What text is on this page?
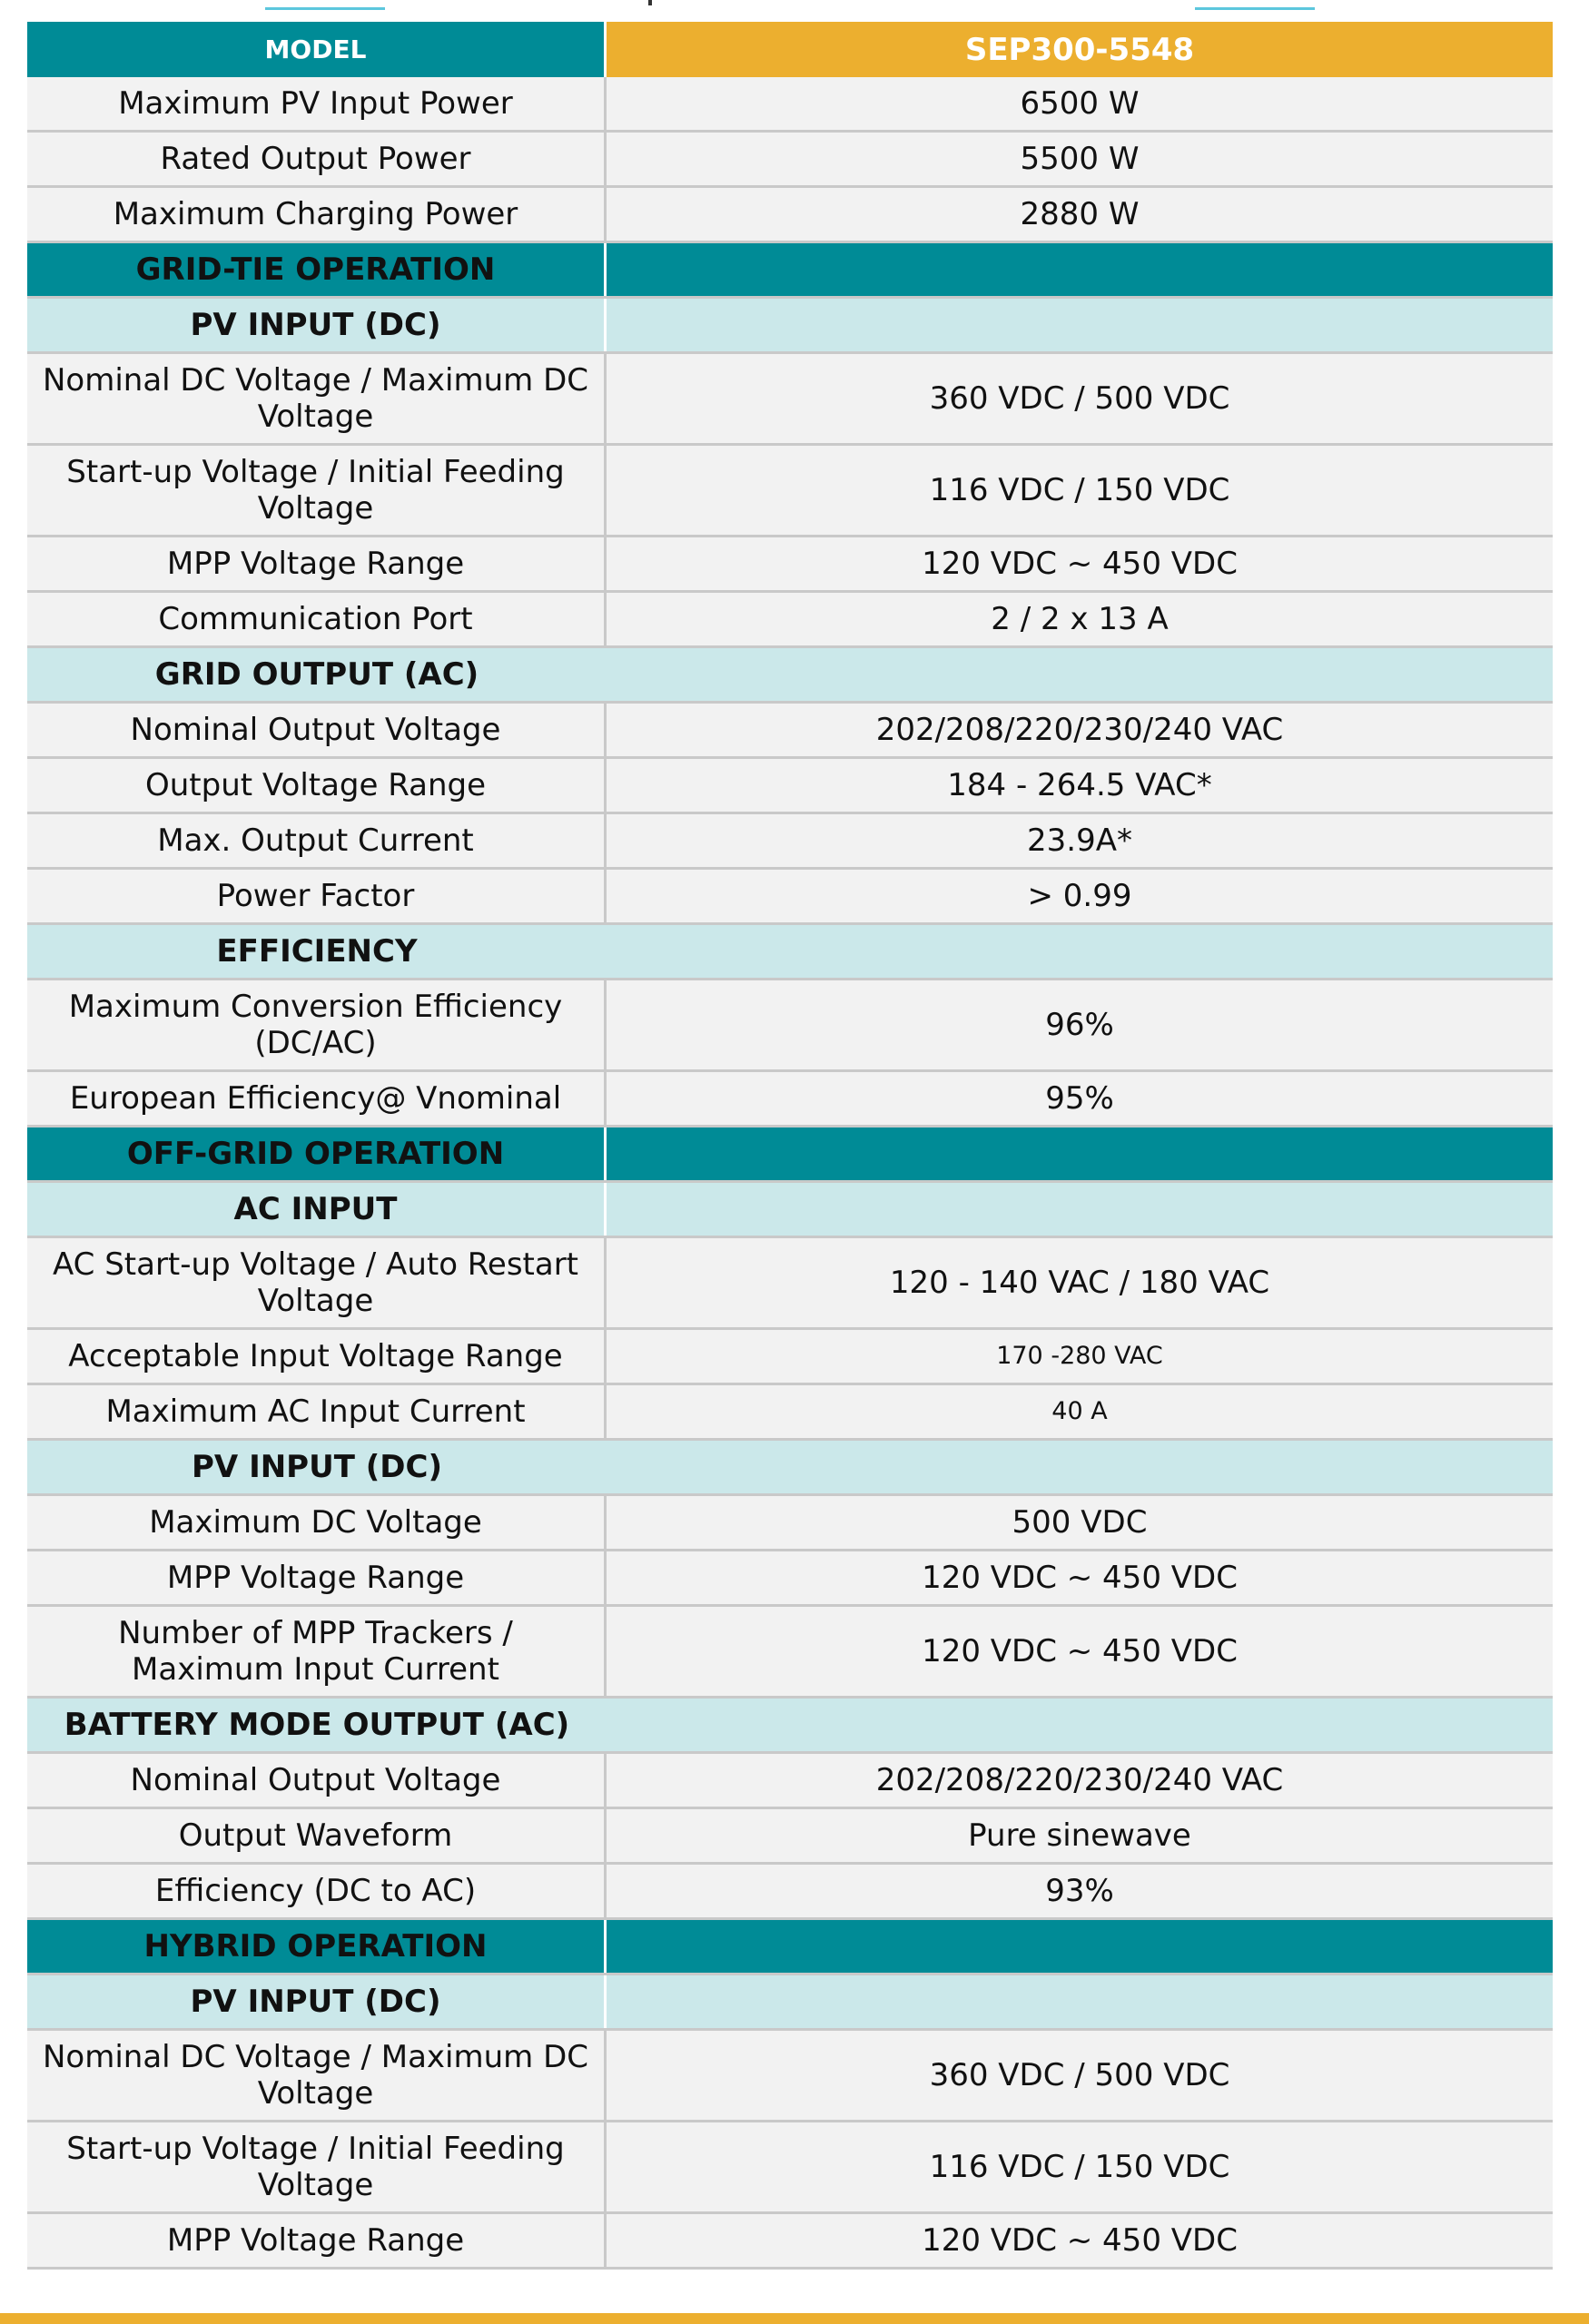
MODEL	SEP300-5548
Maximum PV Input Power	6500 W
Rated Output Power	5500 W
Maximum Charging Power	2880 W
GRID-TIE OPERATION
PV INPUT (DC)
Nominal DC Voltage / Maximum DC Voltage	360 VDC / 500 VDC
Start-up Voltage / Initial Feeding Voltage	116 VDC / 150 VDC
MPP Voltage Range	120 VDC ~ 450 VDC
Communication Port	2 / 2 x 13 A
GRID OUTPUT (AC)
Nominal Output Voltage	202/208/220/230/240 VAC
Output Voltage Range	184 - 264.5 VAC*
Max. Output Current	23.9A*
Power Factor	> 0.99
EFFICIENCY
Maximum Conversion Efficiency (DC/AC)	96%
European Efficiency@ Vnominal	95%
OFF-GRID OPERATION
AC INPUT
AC Start-up Voltage / Auto Restart Voltage	120 - 140 VAC / 180 VAC
Acceptable Input Voltage Range	170 -280 VAC
Maximum AC Input Current	40 A
PV INPUT (DC)
Maximum DC Voltage	500 VDC
MPP Voltage Range	120 VDC ~ 450 VDC
Number of MPP Trackers / Maximum Input Current	120 VDC ~ 450 VDC
BATTERY MODE OUTPUT (AC)
Nominal Output Voltage	202/208/220/230/240 VAC
Output Waveform	Pure sinewave
Efficiency (DC to AC)	93%
HYBRID OPERATION
PV INPUT (DC)
Nominal DC Voltage / Maximum DC Voltage	360 VDC / 500 VDC
Start-up Voltage / Initial Feeding Voltage	116 VDC / 150 VDC
MPP Voltage Range	120 VDC ~ 450 VDC
